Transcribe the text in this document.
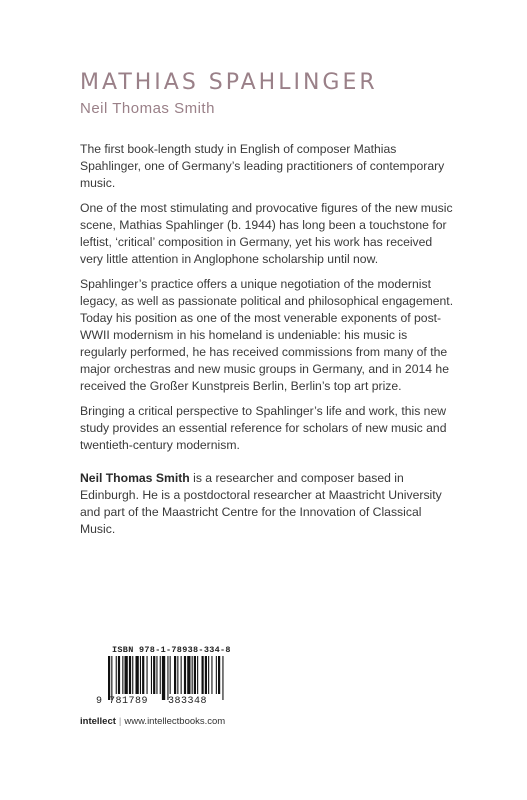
MATHIAS SPAHLINGER
Neil Thomas Smith

The first book-length study in English of composer Mathias Spahlinger, one of Germany’s leading practitioners of contemporary music.

One of the most stimulating and provocative figures of the new music scene, Mathias Spahlinger (b. 1944) has long been a touchstone for leftist, ‘critical’ composition in Germany, yet his work has received very little attention in Anglophone scholarship until now.

Spahlinger’s practice offers a unique negotiation of the modernist legacy, as well as passionate political and philosophical engagement. Today his position as one of the most venerable exponents of post-WWII modernism in his homeland is undeniable: his music is regularly performed, he has received commissions from many of the major orchestras and new music groups in Germany, and in 2014 he received the Großer Kunstpreis Berlin, Berlin’s top art prize.

Bringing a critical perspective to Spahlinger’s life and work, this new study provides an essential reference for scholars of new music and twentieth-century modernism.

Neil Thomas Smith is a researcher and composer based in Edinburgh. He is a postdoctoral researcher at Maastricht University and part of the Maastricht Centre for the Innovation of Classical Music.

ISBN 978-1-78938-334-8
9 781789 383348
intellect | www.intellectbooks.com
